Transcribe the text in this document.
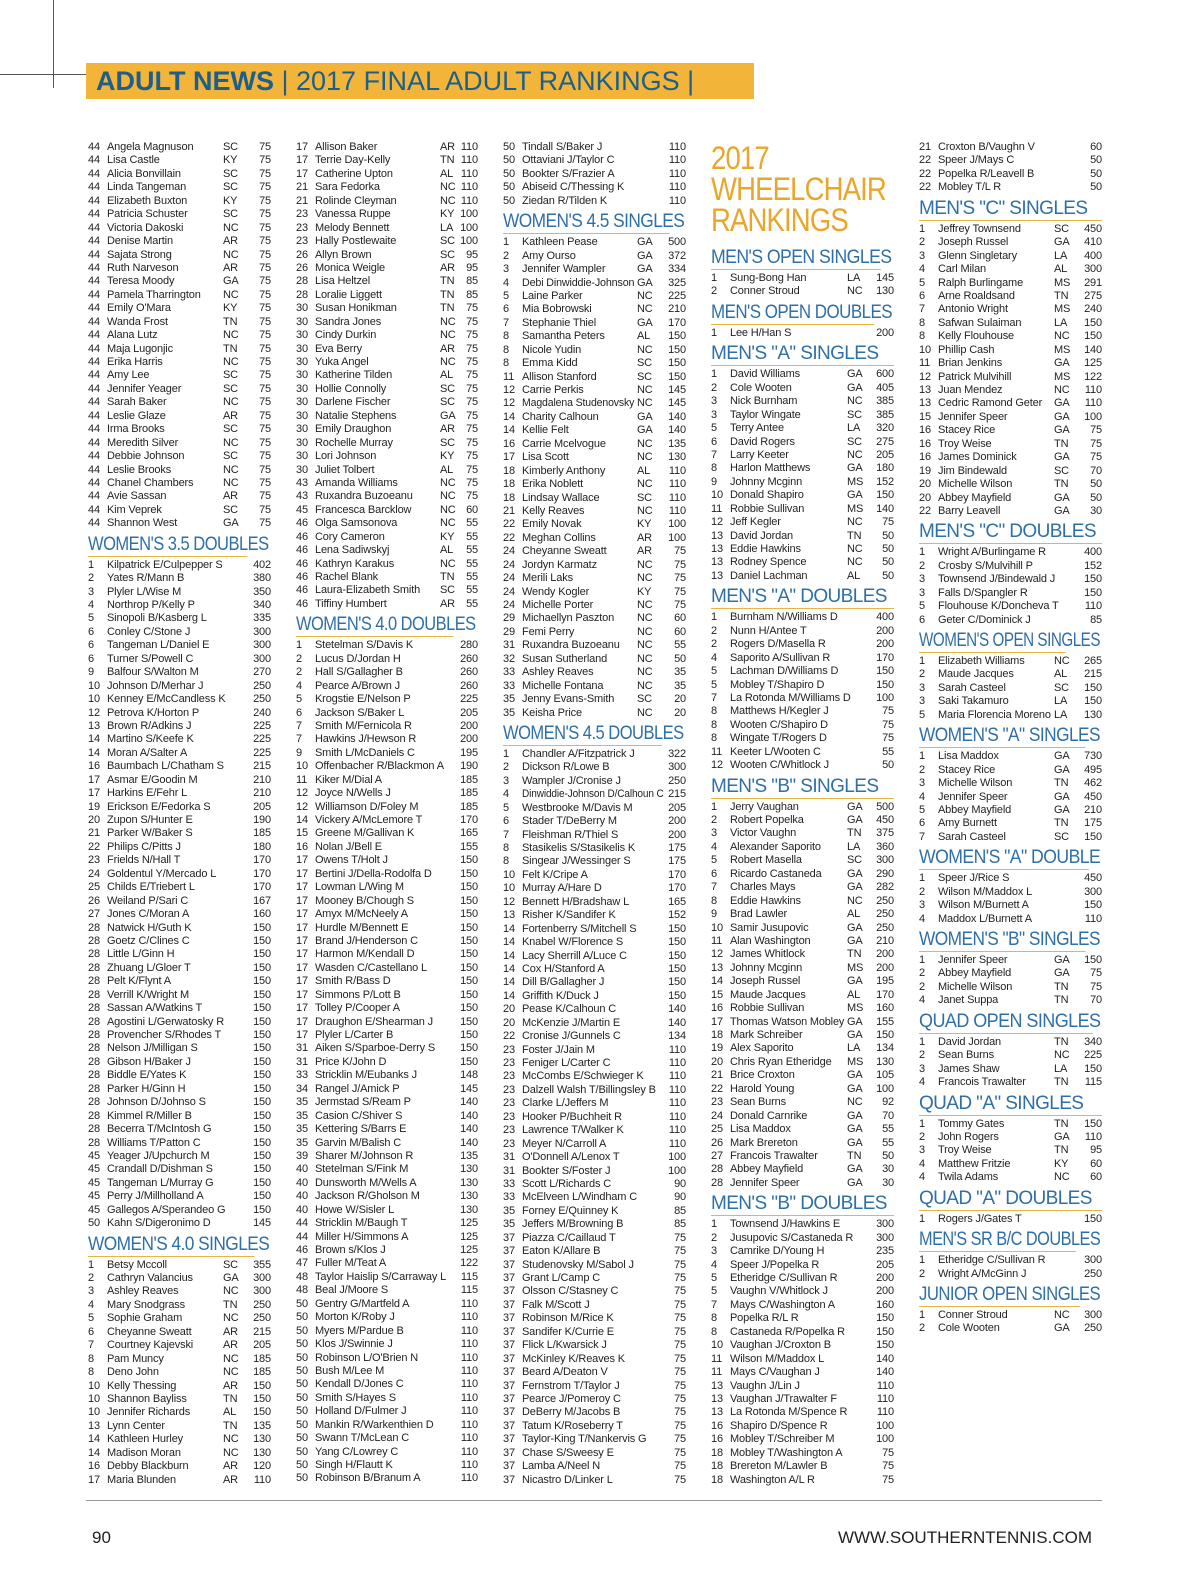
ADULT NEWS | 2017 FINAL ADULT RANKINGS |
44 Angela Magnuson	SC 75
44 Lisa Castle	KY 75
44 Alicia Bonvillain	SC 75
44 Linda Tangeman	SC 75
44 Elizabeth Buxton	KY 75
44 Patricia Schuster	SC 75
44 Victoria Dakoski	NC 75
44 Denise Martin	AR 75
44 Sajata Strong	NC 75
44 Ruth Narveson	AR 75
44 Teresa Moody	GA 75
44 Pamela Tharrington NC 75
44 Emily O'Mara	KY 75
44 Wanda Frost	TN 75
44 Alana Lutz	NC 75
44 Maja Lugonjic	TN 75
44 Erika Harris	NC 75
44 Amy Lee	SC 75
44 Jennifer Yeager	SC 75
44 Sarah Baker	NC 75
44 Leslie Glaze	AR 75
44 Irma Brooks	SC 75
44 Meredith Silver	NC 75
44 Debbie Johnson	SC 75
44 Leslie Brooks	NC 75
44 Chanel Chambers	NC 75
44 Avie Sassan	AR 75
44 Kim Veprek	SC 75
44 Shannon West	GA 75
WOMEN'S 3.5 DOUBLES
1 Kilpatrick E/Culpepper S	402
2 Yates R/Mann B	380
3 Plyler L/Wise M	350
4 Northrop P/Kelly P	340
5 Sinopoli B/Kasberg L	335
6 Conley C/Stone J	300
6 Tangeman L/Daniel E	300
6 Turner S/Powell C	300
9 Balfour S/Walton M	270
10 Johnson D/Merhar J	250
10 Kenney E/McCandless K	250
12 Petrova K/Horton P	240
13 Brown R/Adkins J	225
14 Martino S/Keefe K	225
14 Moran A/Salter A	225
16 Baumbach L/Chatham S	215
17 Asmar E/Goodin M	210
17 Harkins E/Fehr L	210
19 Erickson E/Fedorka S	205
20 Zupon S/Hunter E	190
21 Parker W/Baker S	185
22 Philips C/Pitts J	180
23 Frields N/Hall T	170
24 Goldentul Y/Mercado L	170
25 Childs E/Triebert L	170
26 Weiland P/Sari C	167
27 Jones C/Moran A	160
28 Natwick H/Guth K	150
28 Goetz C/Clines C	150
28 Little L/Ginn H	150
28 Zhuang L/Gloer T	150
28 Pelt K/Flynt A	150
28 Verrill K/Wright M	150
28 Sassan A/Watkins T	150
28 Agostini L/Gerwatosky R	150
28 Provencher S/Rhodes T	150
28 Nelson J/Milligan S	150
28 Gibson H/Baker J	150
28 Biddle E/Yates K	150
28 Parker H/Ginn H	150
28 Johnson D/Johnso S	150
28 Kimmel R/Miller B	150
28 Becerra T/McIntosh G	150
28 Williams T/Patton C	150
45 Yeager J/Upchurch M	150
45 Crandall D/Dishman S	150
45 Tangeman L/Murray G	150
45 Perry J/Millholland A	150
45 Gallegos A/Sperandeo G	150
50 Kahn S/Digeronimo D	145
WOMEN'S 4.0 SINGLES
1 Betsy Mccoll	SC 355
2 Cathryn Valancius	GA 300
3 Ashley Reaves	NC 300
4 Mary Snodgrass	TN 250
5 Sophie Graham	NC 250
6 Cheyanne Sweatt	AR 215
7 Courtney Kajevski	AR 205
8 Pam Muncy	NC 185
8 Deno John	NC 185
10 Kelly Thessing	AR 150
10 Shannon Bayliss	TN 150
10 Jennifer Richards	AL 150
13 Lynn Center	TN 135
14 Kathleen Hurley	NC 130
14 Madison Moran	NC 130
16 Debby Blackburn	AR 120
17 Maria Blunden	AR 110
17 Allison Baker	AR 110
17 Terrie Day-Kelly	TN 110
17 Catherine Upton	AL 110
21 Sara Fedorka	NC 110
21 Rolinde Cleyman	NC 110
23 Vanessa Ruppe	KY 100
23 Melody Bennett	LA 100
23 Hally Postlewaite	SC 100
26 Allyn Brown	SC 95
26 Monica Weigle	AR 95
28 Lisa Heltzel	TN 85
28 Loralie Liggett	TN 85
30 Susan Honikman	TN 75
30 Sandra Jones	NC 75
30 Cindy Durkin	NC 75
30 Eva Berry	AR 75
30 Yuka Angel	NC 75
30 Katherine Tilden	AL 75
30 Hollie Connolly	SC 75
30 Darlene Fischer	SC 75
30 Natalie Stephens	GA 75
30 Emily Draughon	AR 75
30 Rochelle Murray	SC 75
30 Lori Johnson	KY 75
30 Juliet Tolbert	AL 75
43 Amanda Williams	NC 75
43 Ruxandra Buzoeanu NC 75
45 Francesca Barcklow	NC 60
46 Olga Samsonova	NC 55
46 Cory Cameron	KY 55
46 Lena Sadiwskyj	AL 55
46 Kathryn Karakus	NC 55
46 Rachel Blank	TN 55
46 Laura-Elizabeth Smith SC 55
46 Tiffiny Humbert	AR 55
WOMEN'S 4.0 DOUBLES
1 Stetelman S/Davis K	280
2 Lucus D/Jordan H	260
2 Hall S/Gallagher B	260
4 Pearce A/Brown J	260
5 Krogstie E/Nelson P	225
6 Jackson S/Baker L	205
7 Smith M/Fernicola R	200
7 Hawkins J/Hewson R	200
9 Smith L/McDaniels C	195
10 Offenbacher R/Blackmon A 190
11 Kiker M/Dial A	185
12 Joyce N/Wells J	185
12 Williamson D/Foley M	185
14 Vickery A/McLemore T	170
15 Greene M/Gallivan K	165
16 Nolan J/Bell E	155
17 Owens T/Holt J	150
17 Bertini J/Della-Rodolfa D	150
17 Lowman L/Wing M	150
17 Mooney B/Chough S	150
17 Amyx M/McNeely A	150
17 Hurdle M/Bennett E	150
17 Brand J/Henderson C	150
17 Harmon M/Kendall D	150
17 Wasden C/Castellano L	150
17 Smith R/Bass D	150
17 Simmons P/Lott B	150
17 Tolley P/Cooper A	150
17 Draughon E/Shearman J 150
17 Plyler L/Carter B	150
31 Aiken S/Sparboe-Derry S 150
31 Price K/John D	150
33 Stricklin M/Eubanks J	148
34 Rangel J/Amick P	145
35 Jermstad S/Ream P	140
35 Casion C/Shiver S	140
35 Kettering S/Barrs E	140
35 Garvin M/Balish C	140
39 Sharer M/Johnson R	135
40 Stetelman S/Fink M	130
40 Dunsworth M/Wells A	130
40 Jackson R/Gholson M	130
40 Howe W/Sisler L	130
44 Stricklin M/Baugh T	125
44 Miller H/Simmons A	125
46 Brown s/Klos J	125
47 Fuller M/Teat A	122
48 Taylor Haislip S/Carraway L 115
48 Beal J/Moore S	115
50 Gentry G/Martfeld A	110
50 Morton K/Roby J	110
50 Myers M/Pardue B	110
50 Klos J/Swinnie J	110
50 Robinson L/O'Brien N	110
50 Bush M/Lee M	110
50 Kendall D/Jones C	110
50 Smith S/Hayes S	110
50 Holland D/Fulmer J	110
50 Mankin R/Warkenthien D 110
50 Swann T/McLean C	110
50 Yang C/Lowrey C	110
50 Singh H/Flautt K	110
50 Robinson B/Branum A	110
50 Tindall S/Baker J	110
50 Ottaviani J/Taylor C	110
50 Bookter S/Frazier A	110
50 Abiseid C/Thessing K	110
50 Ziedan R/Tilden K	110
WOMEN'S 4.5 SINGLES
1 Kathleen Pease	GA 500
2 Amy Ourso	GA 372
3 Jennifer Wampler	GA 334
4 Debi Dinwiddie-Johnson GA 325
5 Laine Parker	NC 225
6 Mia Bobrowski	NC 210
7 Stephanie Thiel	GA 170
8 Samantha Peters	AL 150
8 Nicole Yudin	NC 150
8 Emma Kidd	SC 150
11 Allison Stanford	SC 150
12 Carrie Perkis	NC 145
12 Magdalena Studenovsky NC 145
14 Charity Calhoun	GA 140
14 Kellie Felt	GA 140
16 Carrie Mcelvogue	NC 135
17 Lisa Scott	NC 130
18 Kimberly Anthony	AL 110
18 Erika Noblett	NC 110
18 Lindsay Wallace	SC 110
21 Kelly Reaves	NC 110
22 Emily Novak	KY 100
22 Meghan Collins	AR 100
24 Cheyanne Sweatt	AR 75
24 Jordyn Karmatz	NC 75
24 Merili Laks	NC 75
24 Wendy Kogler	KY 75
24 Michelle Porter	NC 75
29 Michaellyn Paszton NC 60
29 Femi Perry	NC 60
31 Ruxandra Buzoeanu NC 55
32 Susan Sutherland	NC 50
33 Ashley Reaves	NC 35
33 Michelle Fontana	NC 35
35 Jenny Evans-Smith SC 20
35 Keisha Price	NC 20
WOMEN'S 4.5 DOUBLES
1 Chandler A/Fitzpatrick J	322
2 Dickson R/Lowe B	300
3 Wampler J/Cronise J	250
4 Dinwiddie-Johnson D/Calhoun C 215
5 Westbrooke M/Davis M	205
6 Stader T/DeBerry M	200
7 Fleishman R/Thiel S	200
8 Stasikelis S/Stasikelis K	175
8 Singear J/Wessinger S	175
10 Felt K/Cripe A	170
10 Murray A/Hare D	170
12 Bennett H/Bradshaw L	165
13 Risher K/Sandifer K	152
14 Fortenberry S/Mitchell S	150
14 Knabel W/Florence S	150
14 Lacy Sherrill A/Luce C	150
14 Cox H/Stanford A	150
14 Dill B/Gallagher J	150
14 Griffith K/Duck J	150
20 Pease K/Calhoun C	140
20 McKenzie J/Martin E	140
22 Cronise J/Gunnels C	134
23 Foster J/Jain M	110
23 Feniger L/Carter C	110
23 McCombs E/Schwieger K 110
23 Dalzell Walsh T/Billingsley B 110
23 Clarke L/Jeffers M	110
23 Hooker P/Buchheit R	110
23 Lawrence T/Walker K	110
23 Meyer N/Carroll A	110
31 O'Donnell A/Lenox T	100
31 Bookter S/Foster J	100
33 Scott L/Richards C	90
33 McElveen L/Windham C	90
35 Forney E/Quinney K	85
35 Jeffers M/Browning B	85
37 Piazza C/Caillaud T	75
37 Eaton K/Allare B	75
37 Studenovsky M/Sabol J	75
37 Grant L/Camp C	75
37 Olsson C/Stasney C	75
37 Falk M/Scott J	75
37 Robinson M/Rice K	75
37 Sandifer K/Currie E	75
37 Flick L/Kwarsick J	75
37 McKinley K/Reaves K	75
37 Beard A/Deaton V	75
37 Fernstrom T/Taylor J	75
37 Pearce J/Pomeroy C	75
37 DeBerry M/Jacobs B	75
37 Tatum K/Roseberry T	75
37 Taylor-King T/Nankervis G	75
37 Chase S/Sweesy E	75
37 Lamba A/Neel N	75
37 Nicastro D/Linker L	75
2017
WHEELCHAIR
RANKINGS
MEN'S OPEN SINGLES
1 Sung-Bong Han	LA 145
2 Conner Stroud	NC 130
MEN'S OPEN DOUBLES
1 Lee H/Han S	200
MEN'S "A" SINGLES
1 David Williams	GA 600
2 Cole Wooten	GA 405
3 Nick Burnham	NC 385
3 Taylor Wingate	SC 385
5 Terry Antee	LA 320
6 David Rogers	SC 275
7 Larry Keeter	NC 205
8 Harlon Matthews	GA 180
9 Johnny Mcginn	MS 152
10 Donald Shapiro	GA 150
11 Robbie Sullivan	MS 140
12 Jeff Kegler	NC 75
13 David Jordan	TN 50
13 Eddie Hawkins	NC 50
13 Rodney Spence	NC 50
13 Daniel Lachman	AL 50
MEN'S "A" DOUBLES
1 Burnham N/Williams D	400
2 Nunn H/Antee T	200
2 Rogers D/Masella R	200
4 Saporito A/Sullivan R	170
5 Lachman D/Williams D	150
5 Mobley T/Shapiro D	150
7 La Rotonda M/Williams D 100
8 Matthews H/Kegler J	75
8 Wooten C/Shapiro D	75
8 Wingate T/Rogers D	75
11 Keeter L/Wooten C	55
12 Wooten C/Whitlock J	50
MEN'S "B" SINGLES
1 Jerry Vaughan	GA 500
2 Robert Popelka	GA 450
3 Victor Vaughn	TN 375
4 Alexander Saporito LA 360
5 Robert Masella	SC 300
6 Ricardo Castaneda GA 290
7 Charles Mays	GA 282
8 Eddie Hawkins	NC 250
9 Brad Lawler	AL 250
10 Samir Jusupovic	GA 250
11 Alan Washington	GA 210
12 James Whitlock	TN 200
13 Johnny Mcginn	MS 200
14 Joseph Russel	GA 195
15 Maude Jacques	AL 170
16 Robbie Sullivan	MS 160
17 Thomas Watson Mobley GA 155
18 Mark Schreiber	GA 150
19 Alex Saporito	LA 134
20 Chris Ryan Etheridge MS 130
21 Brice Croxton	GA 105
22 Harold Young	GA 100
23 Sean Burns	NC 92
24 Donald Carnrike	GA 70
25 Lisa Maddox	GA 55
26 Mark Brereton	GA 55
27 Francois Trawalter	TN 50
28 Abbey Mayfield	GA 30
28 Jennifer Speer	GA 30
MEN'S "B" DOUBLES
1 Townsend J/Hawkins E	300
2 Jusupovic S/Castaneda R 300
3 Camrike D/Young H	235
4 Speer J/Popelka R	205
5 Etheridge C/Sullivan R	200
5 Vaughn V/Whitlock J	200
7 Mays C/Washington A	160
8 Popelka R/L R	150
8 Castaneda R/Popelka R	150
10 Vaughan J/Croxton B	150
11 Wilson M/Maddox L	140
11 Mays C/Vaughan J	140
13 Vaughn J/Lin J	110
13 Vaughan J/Trawalter F	110
13 La Rotonda M/Spence R	110
16 Shapiro D/Spence R	100
16 Mobley T/Schreiber M	100
18 Mobley T/Washington A	75
18 Brereton M/Lawler B	75
18 Washington A/L R	75
21 Croxton B/Vaughn V	60
22 Speer J/Mays C	50
22 Popelka R/Leavell B	50
22 Mobley T/L R	50
MEN'S "C" SINGLES
1 Jeffrey Townsend	SC 450
2 Joseph Russel	GA 410
3 Glenn Singletary	LA 400
4 Carl Milan	AL 300
5 Ralph Burlingame	MS 291
6 Arne Roaldsand	TN 275
7 Antonio Wright	MS 240
8 Safwan Sulaiman	LA 150
8 Kelly Flouhouse	NC 150
10 Phillip Cash	MS 140
11 Brian Jenkins	GA 125
12 Patrick Mulvihill	MS 122
13 Juan Mendez	NC 110
13 Cedric Ramond Geter GA 110
15 Jennifer Speer	GA 100
16 Stacey Rice	GA 75
16 Troy Weise	TN 75
16 James Dominick	GA 75
19 Jim Bindewald	SC 70
20 Michelle Wilson	TN 50
20 Abbey Mayfield	GA 50
22 Barry Leavell	GA 30
MEN'S "C" DOUBLES
1 Wright A/Burlingame R	400
2 Crosby S/Mulvihill P	152
3 Townsend J/Bindewald J	150
3 Falls D/Spangler R	150
5 Flouhouse K/Doncheva T 110
6 Geter C/Dominick J	85
WOMEN'S OPEN SINGLES
1 Elizabeth Williams	NC 265
2 Maude Jacques	AL 215
3 Sarah Casteel	SC 150
3 Saki Takamuro	LA 150
5 Maria Florencia Moreno LA 130
WOMEN'S "A" SINGLES
1 Lisa Maddox	GA 730
2 Stacey Rice	GA 495
3 Michelle Wilson	TN 462
4 Jennifer Speer	GA 450
5 Abbey Mayfield	GA 210
6 Amy Burnett	TN 175
7 Sarah Casteel	SC 150
WOMEN'S "A" DOUBLE
1 Speer J/Rice S	450
2 Wilson M/Maddox L	300
3 Wilson M/Burnett A	150
4 Maddox L/Burnett A	110
WOMEN'S "B" SINGLES
1 Jennifer Speer	GA 150
2 Abbey Mayfield	GA 75
2 Michelle Wilson	TN 75
4 Janet Suppa	TN 70
QUAD OPEN SINGLES
1 David Jordan	TN 340
2 Sean Burns	NC 225
3 James Shaw	LA 150
4 Francois Trawalter	TN 115
QUAD "A" SINGLES
1 Tommy Gates	TN 150
2 John Rogers	GA 110
3 Troy Weise	TN 95
4 Matthew Fritzie	KY 60
4 Twila Adams	NC 60
QUAD "A" DOUBLES
1 Rogers J/Gates T	150
MEN'S SR B/C DOUBLES
1 Etheridge C/Sullivan R	300
2 Wright A/McGinn J	250
JUNIOR OPEN SINGLES
1 Conner Stroud	NC 300
2 Cole Wooten	GA 250
90	WWW.SOUTHERNTENNIS.COM
